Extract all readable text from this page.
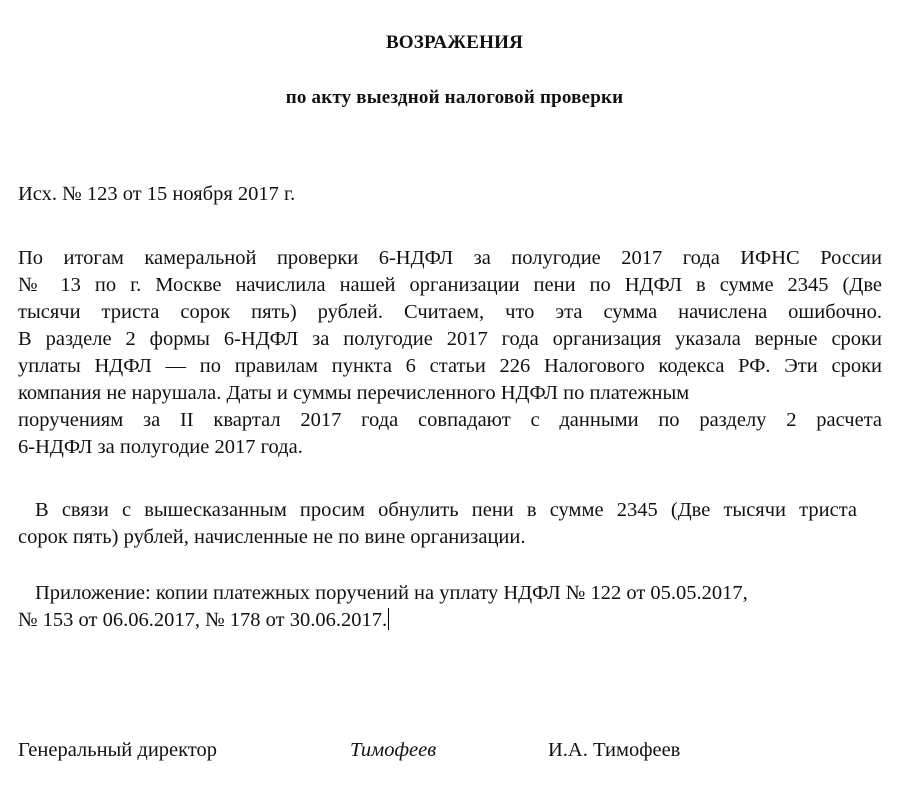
ВОЗРАЖЕНИЯ
по акту выездной налоговой проверки
Исх. № 123 от 15 ноября 2017 г.
По итогам камеральной проверки 6-НДФЛ за полугодие 2017 года ИФНС России
№ 13 по г. Москве начислила нашей организации пени по НДФЛ в сумме 2345 (Две
тысячи триста сорок пять) рублей. Считаем, что эта сумма начислена ошибочно.
В разделе 2 формы 6-НДФЛ за полугодие 2017 года организация указала верные сроки
уплаты НДФЛ — по правилам пункта 6 статьи 226 Налогового кодекса РФ. Эти сроки
компания не нарушала. Даты и суммы перечисленного НДФЛ по платежным
поручениям за II квартал 2017 года совпадают с данными по разделу 2 расчета
6-НДФЛ за полугодие 2017 года.
В связи с вышесказанным просим обнулить пени в сумме 2345 (Две тысячи триста
сорок пять) рублей, начисленные не по вине организации.
Приложение: копии платежных поручений на уплату НДФЛ № 122 от 05.05.2017,
№ 153 от 06.06.2017, № 178 от 30.06.2017.
Генеральный директор	Тимофеев	И.А. Тимофеев
